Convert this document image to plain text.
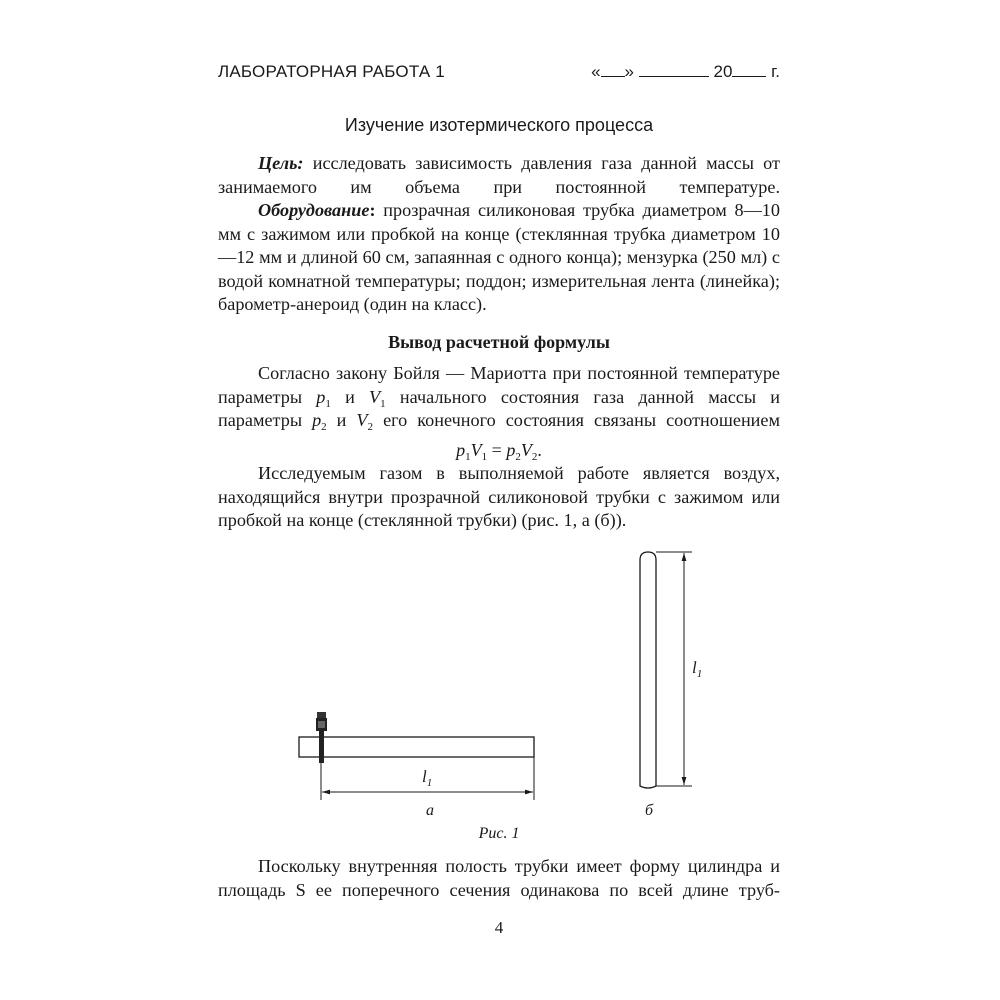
ЛАБОРАТОРНАЯ РАБОТА 1	« »	20 г.
Изучение изотермического процесса
Цель: исследовать зависимость давления газа данной массы от занимаемого им объема при постоянной температуре.
Оборудование: прозрачная силиконовая трубка диаметром 8—10 мм с зажимом или пробкой на конце (стеклянная трубка диаметром 10—12 мм и длиной 60 см, запаянная с одного конца); мензурка (250 мл) с водой комнатной температуры; поддон; измерительная лента (линейка); барометр-анероид (один на класс).
Вывод расчетной формулы
Согласно закону Бойля — Мариотта при постоянной температуре параметры $p_1$ и $V_1$ начального состояния газа данной массы и параметры $p_2$ и $V_2$ его конечного состояния связаны соотношением
$p_1V_1 = p_2V_2$.
Исследуемым газом в выполняемой работе является воздух, находящийся внутри прозрачной силиконовой трубки с зажимом или пробкой на конце (стеклянной трубки) (рис. 1, а (б)).
$l_1$
а
$l_1$
б
Рис. 1
Поскольку внутренняя полость трубки имеет форму цилиндра и площадь S ее поперечного сечения одинакова по всей длине труб-
4
